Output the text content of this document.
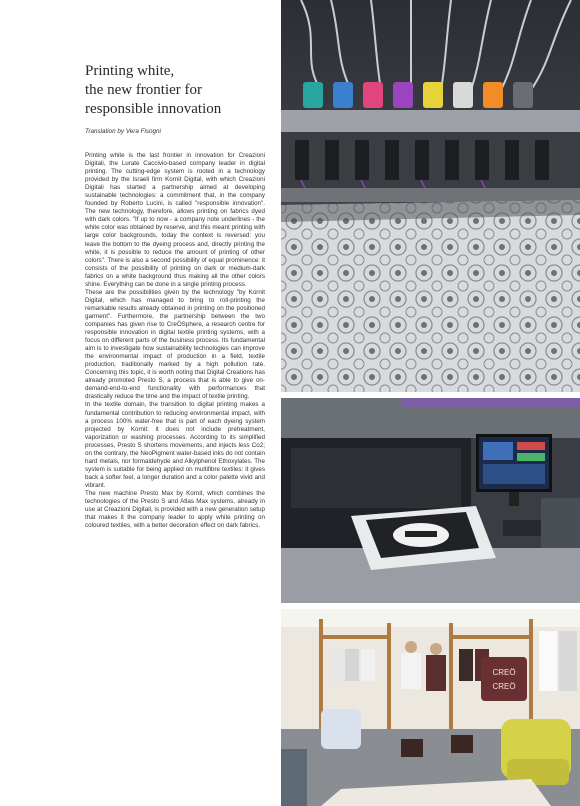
Printing white,
the new frontier for
responsible innovation

Translation by Vera Fisogni

Printing white is the last frontier in innovation for Creazioni Digitali, the Lurate Caccivio-based company leader in digital printing. The cutting-edge system is rooted in a technology provided by the Israeli firm Kornit Digital, with which Creazioni Digitali has started a partnership aimed at developing sustainable technologies: a commitment that, in the company founded by Roberto Lucini, is called "responsible innovation". The new technology, therefore, allows printing on fabrics dyed with dark colors. "If up to now - a company note underlines - the white color was obtained by reserve, and this meant printing with large color backgrounds, today the context is reversed: you leave the bottom to the dyeing process and, directly printing the white, it is possible to reduce the amount of printing of other colors". There is also a second possibility of equal prominence: it consists of the possibility of printing on dark or medium-dark fabrics on a white background thus making all the other colors shine. Everything can be done in a single printing process.

These are the possibilities given by the technology "by Kornit Digital, which has managed to bring to roll-printing the remarkable results already obtained in printing on the positioned garment". Furthermore, the partnership between the two companies has given rise to CreÖSphere, a research centre for responsible innovation in digital textile printing systems, with a focus on different parts of the business process. Its fundamental aim is to investigate how sustainability technologies can improve the environmental impact of production in a field, textile production, traditionally marked by a high pollution rate. Concerning this topic, it is worth noting that Digital Creations has already promoted Presto S, a process that is able to give on-demand-end-to-end functionality with performances that drastically reduce the time and the impact of textile printing.

In the textile domain, the transition to digital printing makes a fundamental contribution to reducing environmental impact, with a process 100% water-free that is part of each dyeing system projected by Kornit: it does not include pretreatment, vaporization or washing processes. According to its simplified processes, Presto S shortens movements, and injects less Co2; on the contrary, the NeoPigment water-based inks do not contain hard metals, nor formaldehyde and Alkylphenol Ethoxylates. The system is suitable for being applied on multifibre textiles: it gives back a softer feel, a longer duration and a color palette vivid and vibrant.

The new machine Presto Max by Kornit, which combines the technologies of the Presto S and Atlas Max systems, already in use at Creazioni Digitali, is provided with a new generation setup that makes it the company leader to apply white printing on coloured textiles, with a better decoration effect on dark fabrics.

CREÖ
CREÖ
